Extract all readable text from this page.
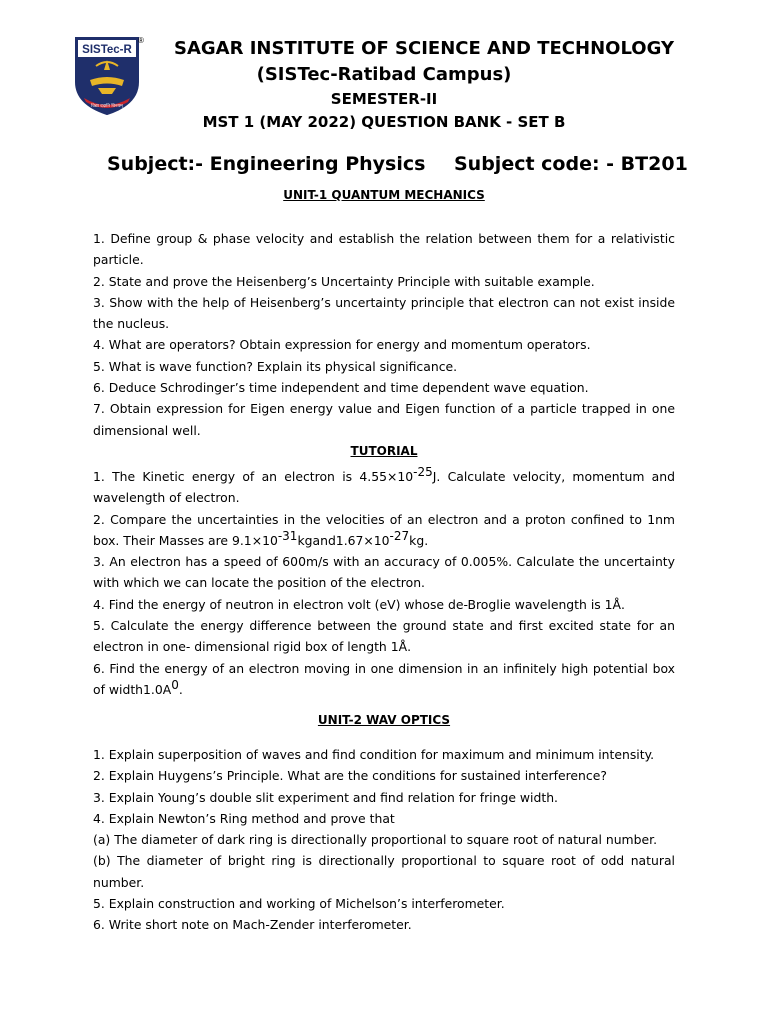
SISTec-R
विद्या ददाति विनयम्
®	SAGAR INSTITUTE OF SCIENCE AND TECHNOLOGY
(SISTec-Ratibad Campus)
SEMESTER-II
MST 1 (MAY 2022) QUESTION BANK - SET B
Subject:- Engineering Physics Subject code: - BT201
UNIT-1 QUANTUM MECHANICS

1. Define group & phase velocity and establish the relation between them for a relativistic particle.

2. State and prove the Heisenberg’s Uncertainty Principle with suitable example.

3. Show with the help of Heisenberg’s uncertainty principle that electron can not exist inside the nucleus.

4. What are operators? Obtain expression for energy and momentum operators.

5. What is wave function? Explain its physical significance.

6. Deduce Schrodinger’s time independent and time dependent wave equation.

7. Obtain expression for Eigen energy value and Eigen function of a particle trapped in one dimensional well.

TUTORIAL

1. The Kinetic energy of an electron is $4.55\times 10^{-25}J$. Calculate velocity, momentum and wavelength of electron.

2. Compare the uncertainties in the velocities of an electron and a proton confined to 1nm box. Their Masses are $9.1\times 10^{-31}kgand1.67\times 10^{-27}kg$.

3. An electron has a speed of 600m/s with an accuracy of 0.005%. Calculate the uncertainty with which we can locate the position of the electron.

4. Find the energy of neutron in electron volt (eV) whose de-Broglie wavelength is 1Å.

5. Calculate the energy difference between the ground state and first excited state for an electron in one- dimensional rigid box of length 1Å.

6. Find the energy of an electron moving in one dimension in an infinitely high potential box of $width1.0A^0$.

UNIT-2 WAV OPTICS

1. Explain superposition of waves and find condition for maximum and minimum intensity.

2. Explain Huygens’s Principle. What are the conditions for sustained interference?

3. Explain Young’s double slit experiment and find relation for fringe width.

4. Explain Newton’s Ring method and prove that

(a) The diameter of dark ring is directionally proportional to square root of natural number.

(b) The diameter of bright ring is directionally proportional to square root of odd natural number.

5. Explain construction and working of Michelson’s interferometer.

6. Write short note on Mach-Zender interferometer.
